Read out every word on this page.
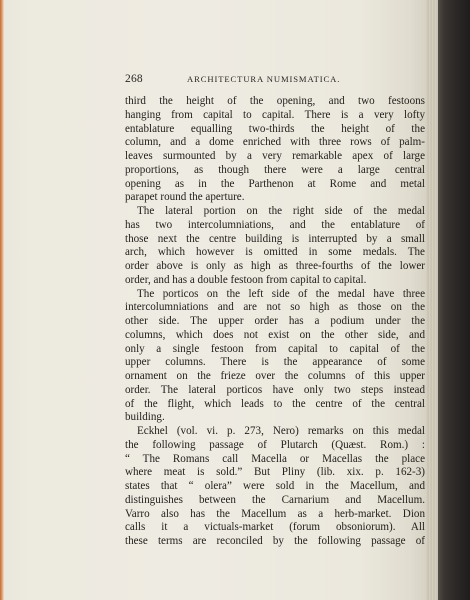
268	ARCHITECTURA NUMISMATICA.
third the height of the opening, and two festoons
hanging from capital to capital. There is a very lofty
entablature equalling two-thirds the height of the
column, and a dome enriched with three rows of palm-
leaves surmounted by a very remarkable apex of large
proportions, as though there were a large central
opening as in the Parthenon at Rome and metal
parapet round the aperture.
The lateral portion on the right side of the medal
has two intercolumniations, and the entablature of
those next the centre building is interrupted by a small
arch, which however is omitted in some medals. The
order above is only as high as three-fourths of the lower
order, and has a double festoon from capital to capital.
The porticos on the left side of the medal have three
intercolumniations and are not so high as those on the
other side. The upper order has a podium under the
columns, which does not exist on the other side, and
only a single festoon from capital to capital of the
upper columns. There is the appearance of some
ornament on the frieze over the columns of this upper
order. The lateral porticos have only two steps instead
of the flight, which leads to the centre of the central
building.
Eckhel (vol. vi. p. 273, Nero) remarks on this medal
the following passage of Plutarch (Quæst. Rom.) :
“ The Romans call Macella or Macellas the place
where meat is sold.” But Pliny (lib. xix. p. 162-3)
states that “ olera” were sold in the Macellum, and
distinguishes between the Carnarium and Macellum.
Varro also has the Macellum as a herb-market. Dion
calls it a victuals-market (forum obsoniorum). All
these terms are reconciled by the following passage of
